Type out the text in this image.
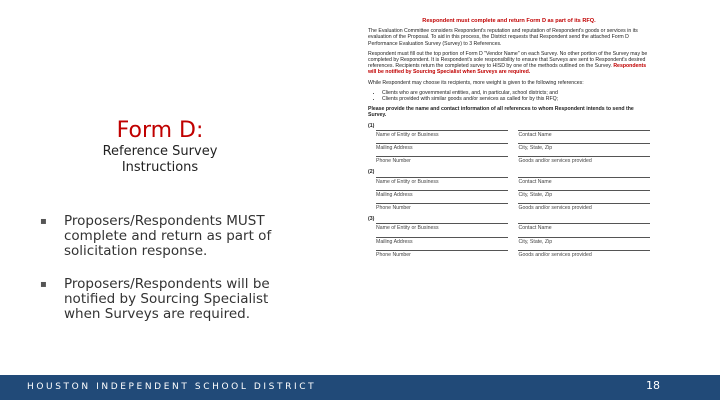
Form D:
Reference Survey
Instructions
▪ Proposers/Respondents MUST complete and return as part of solicitation response.
▪ Proposers/Respondents will be notified by Sourcing Specialist when Surveys are required.
Respondent must complete and return Form D as part of its RFQ.

The Evaluation Committee considers Respondent's reputation and reputation of Respondent's goods or services in its evaluation of the Proposal. To aid in this process, the District requests that Respondent send the attached Form D Performance Evaluation Survey (Survey) to 3 References.

Respondent must fill out the top portion of Form D "Vendor Name" on each Survey. No other portion of the Survey may be completed by Respondent. It is Respondent's sole responsibility to ensure that Surveys are sent to Respondent's desired references. Recipients return the completed survey to HISD by one of the methods outlined on the Survey. Respondents will be notified by Sourcing Specialist when Surveys are required.

While Respondent may choose its recipients, more weight is given to the following references:

• Clients who are governmental entities, and, in particular, school districts; and
• Clients provided with similar goods and/or services as called for by this RFQ;

Please provide the name and contact information of all references to whom Respondent intends to send the Survey.

(1)
Name of Entity or Business	Contact Name
Mailing Address	City, State, Zip
Phone Number	Goods and/or services provided
(2)
Name of Entity or Business	Contact Name
Mailing Address	City, State, Zip
Phone Number	Goods and/or services provided
(3)
Name of Entity or Business	Contact Name
Mailing Address	City, State, Zip
Phone Number	Goods and/or services provided
HOUSTON INDEPENDENT SCHOOL DISTRICT	18
